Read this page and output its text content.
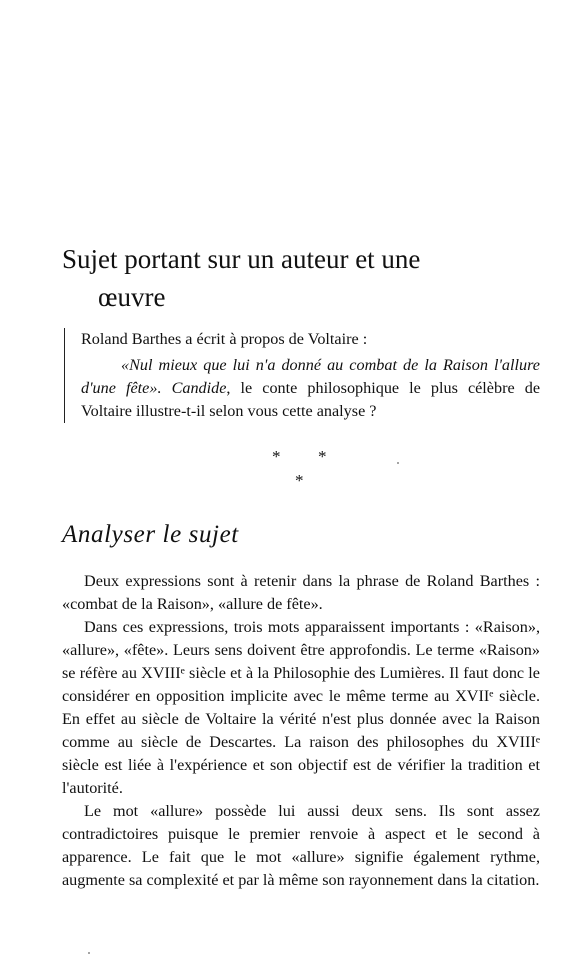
Sujet portant sur un auteur et une
œuvre

Roland Barthes a écrit à propos de Voltaire :

«Nul mieux que lui n'a donné au combat de la Raison l'allure d'une fête». Candide, le conte philosophique le plus célèbre de Voltaire illustre-t-il selon vous cette analyse ?

* *
*
Analyser le sujet

Deux expressions sont à retenir dans la phrase de Roland Barthes : «combat de la Raison», «allure de fête».

Dans ces expressions, trois mots apparaissent importants : «Raison», «allure», «fête». Leurs sens doivent être approfondis. Le terme «Raison» se réfère au XVIIIᵉ siècle et à la Philosophie des Lumières. Il faut donc le considérer en opposition implicite avec le même terme au XVIIᵉ siècle. En effet au siècle de Voltaire la vérité n'est plus donnée avec la Raison comme au siècle de Descartes. La raison des philosophes du XVIIIᵉ siècle est liée à l'expérience et son objectif est de vérifier la tradition et l'autorité.

Le mot «allure» possède lui aussi deux sens. Ils sont assez contradictoires puisque le premier renvoie à aspect et le second à apparence. Le fait que le mot «allure» signifie également rythme, augmente sa complexité et par là même son rayonnement dans la citation.
